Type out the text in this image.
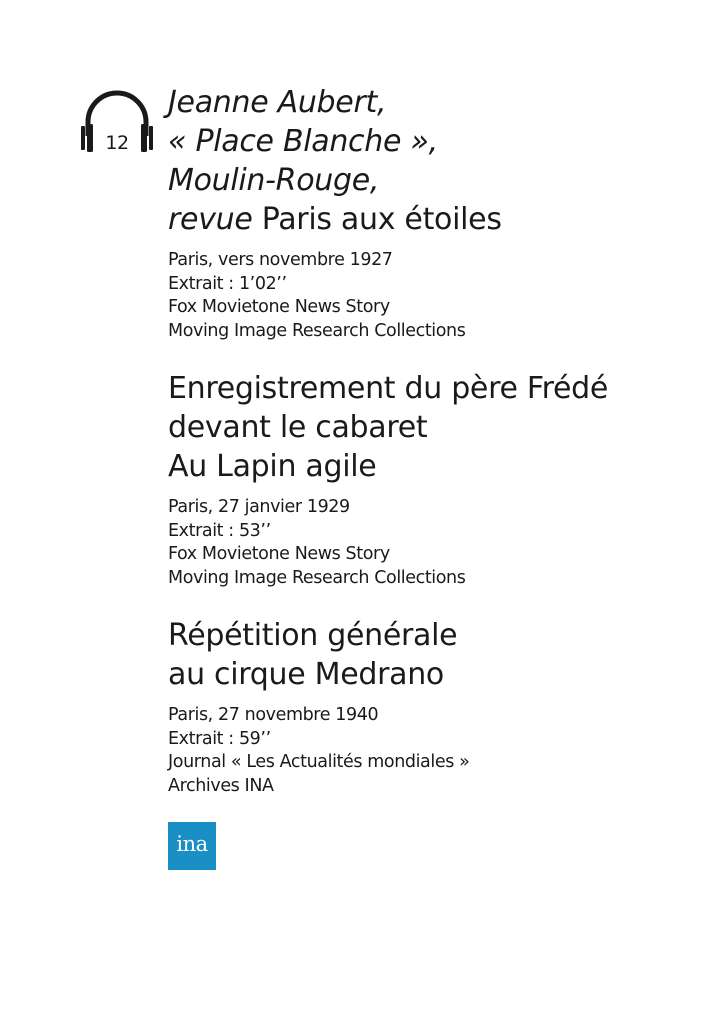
12
Jeanne Aubert,
« Place Blanche »,
Moulin-Rouge,
revue Paris aux étoiles
Paris, vers novembre 1927
Extrait : 1’02’’
Fox Movietone News Story
Moving Image Research Collections
Enregistrement du père Frédé
devant le cabaret
Au Lapin agile
Paris, 27 janvier 1929
Extrait : 53’’
Fox Movietone News Story
Moving Image Research Collections
Répétition générale
au cirque Medrano
Paris, 27 novembre 1940
Extrait : 59’’
Journal « Les Actualités mondiales »
Archives INA
ina
